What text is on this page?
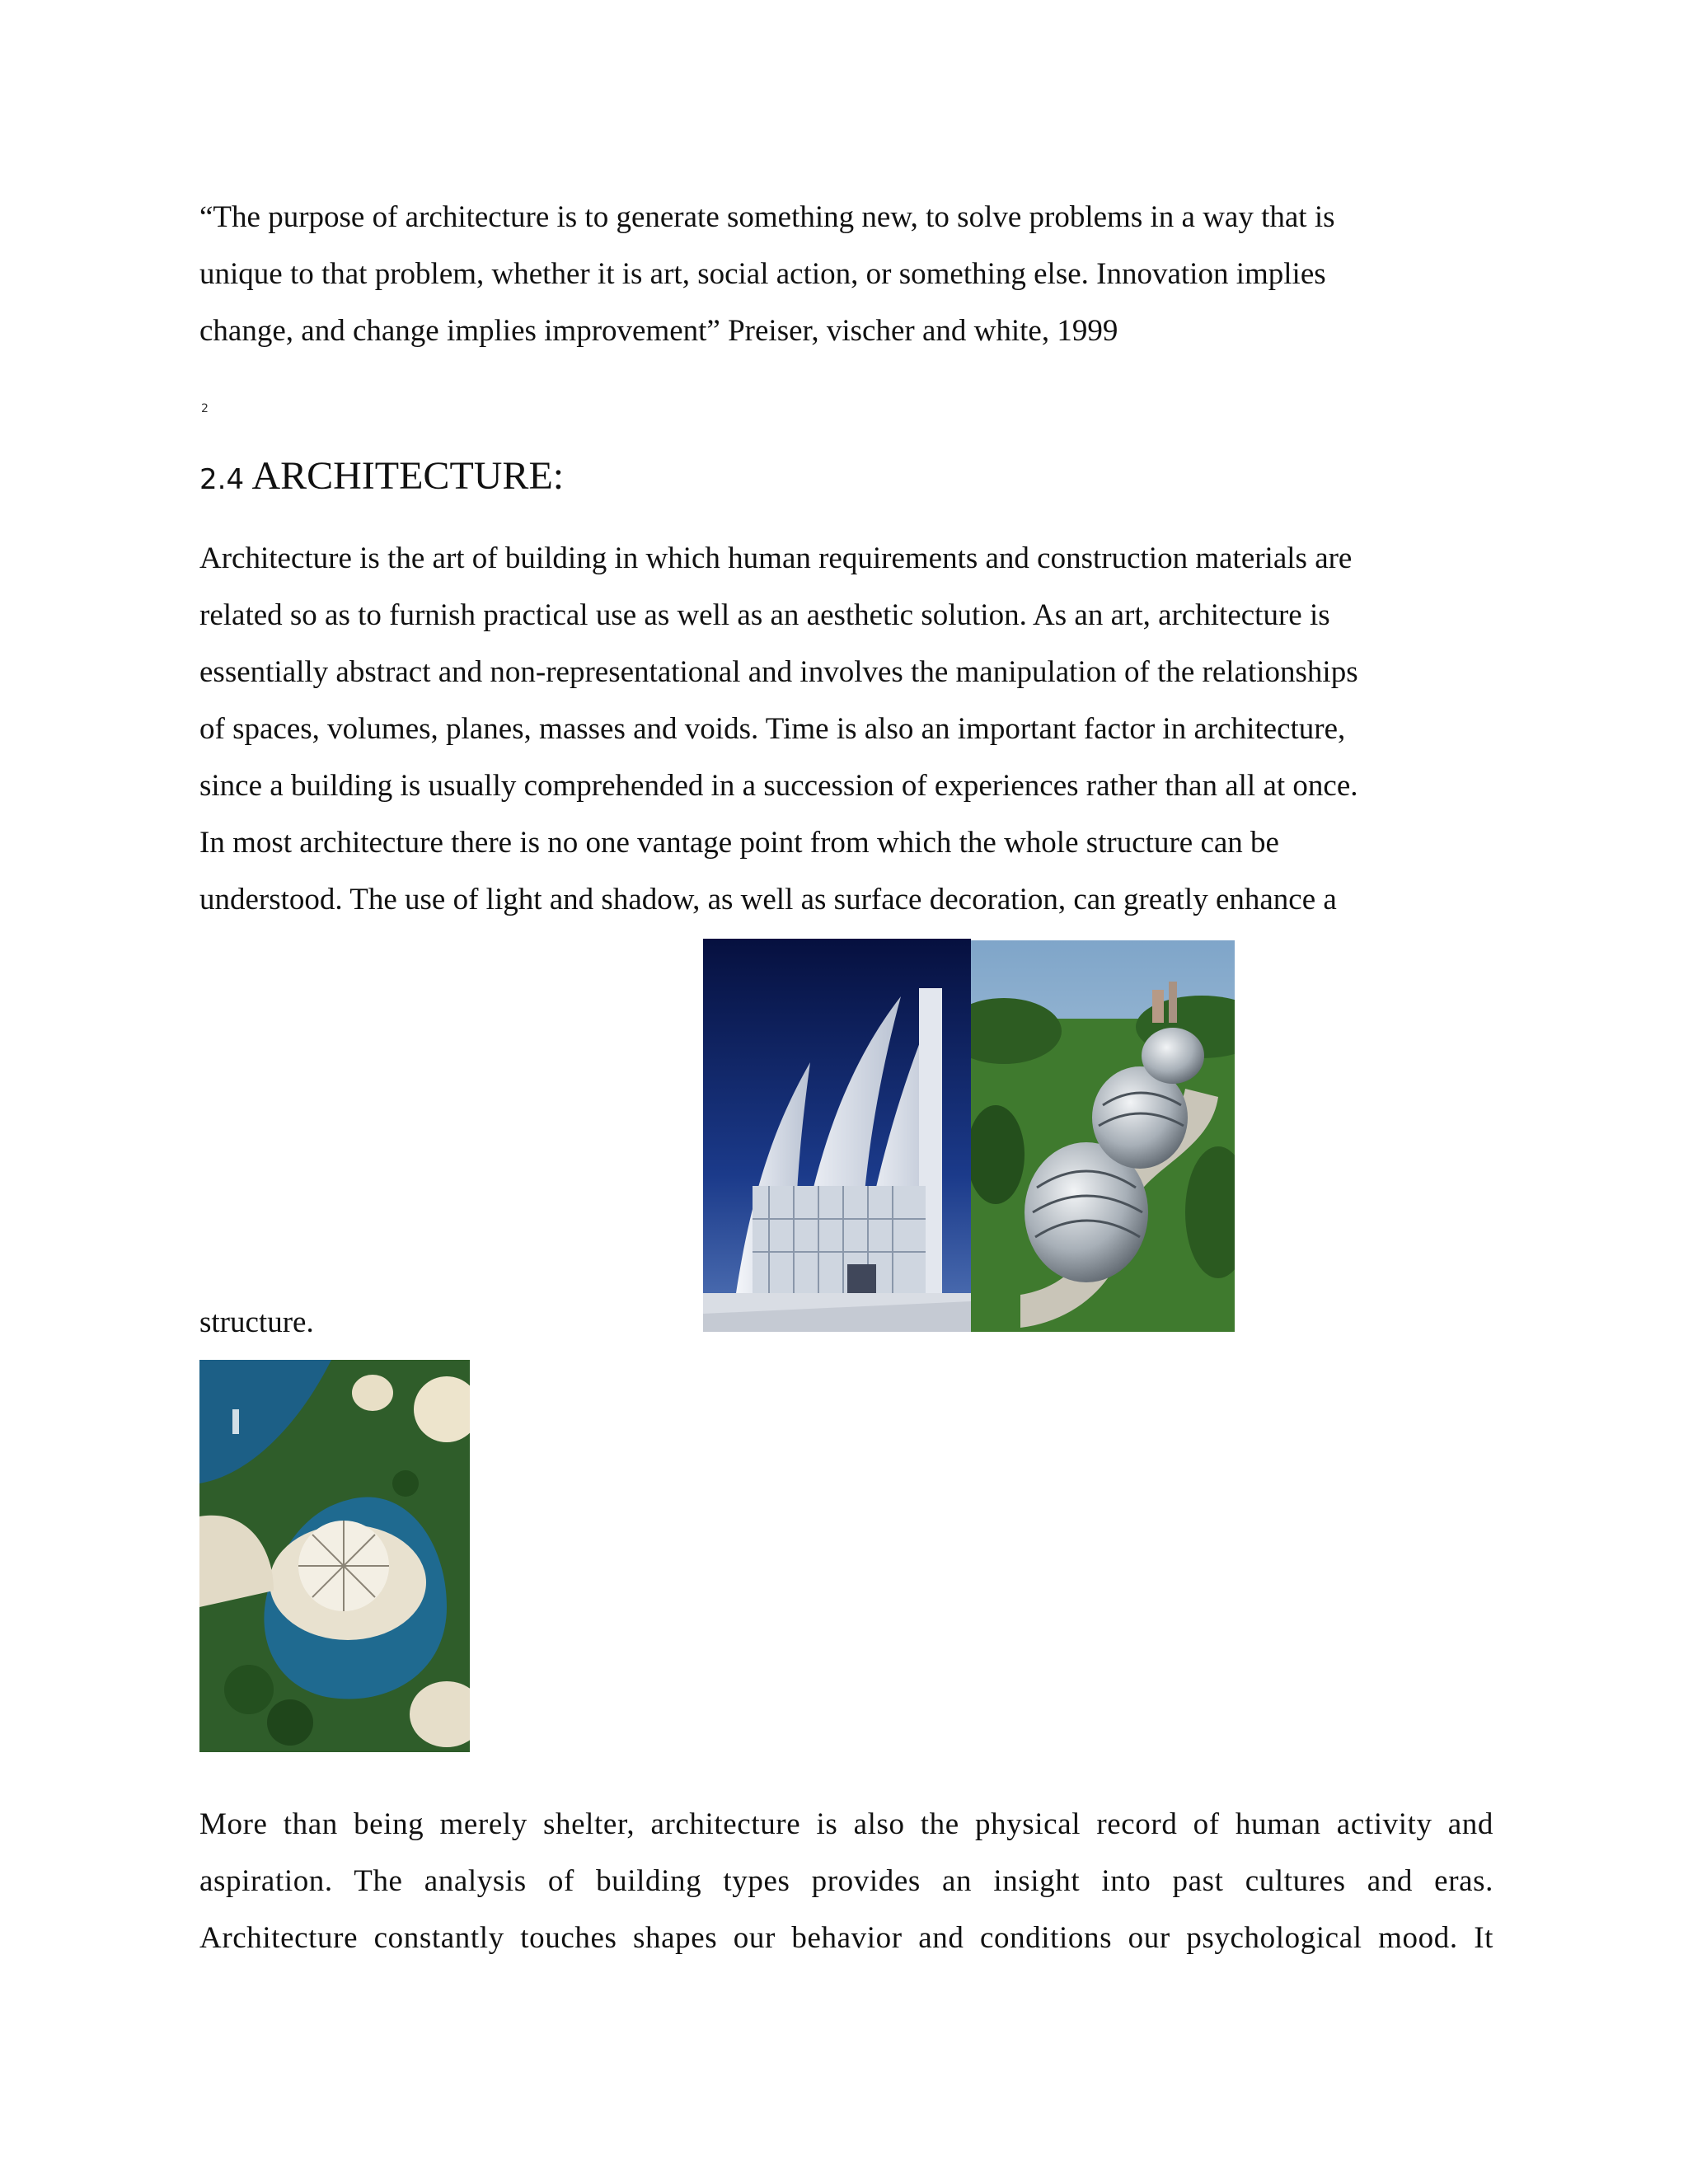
“The purpose of architecture is to generate something new, to solve problems in a way that is
unique to that problem, whether it is art, social action, or something else. Innovation implies
change, and change implies improvement” Preiser, vischer and white, 1999
2
2.4 ARCHITECTURE:
Architecture is the art of building in which human requirements and construction materials are
related so as to furnish practical use as well as an aesthetic solution. As an art, architecture is
essentially abstract and non-representational and involves the manipulation of the relationships
of spaces, volumes, planes, masses and voids. Time is also an important factor in architecture,
since a building is usually comprehended in a succession of experiences rather than all at once.
In most architecture there is no one vantage point from which the whole structure can be
understood. The use of light and shadow, as well as surface decoration, can greatly enhance a
structure.
More than being merely shelter, architecture is also the physical record of human activity and
aspiration. The analysis of building types provides an insight into past cultures and eras.
Architecture constantly touches shapes our behavior and conditions our psychological mood. It
